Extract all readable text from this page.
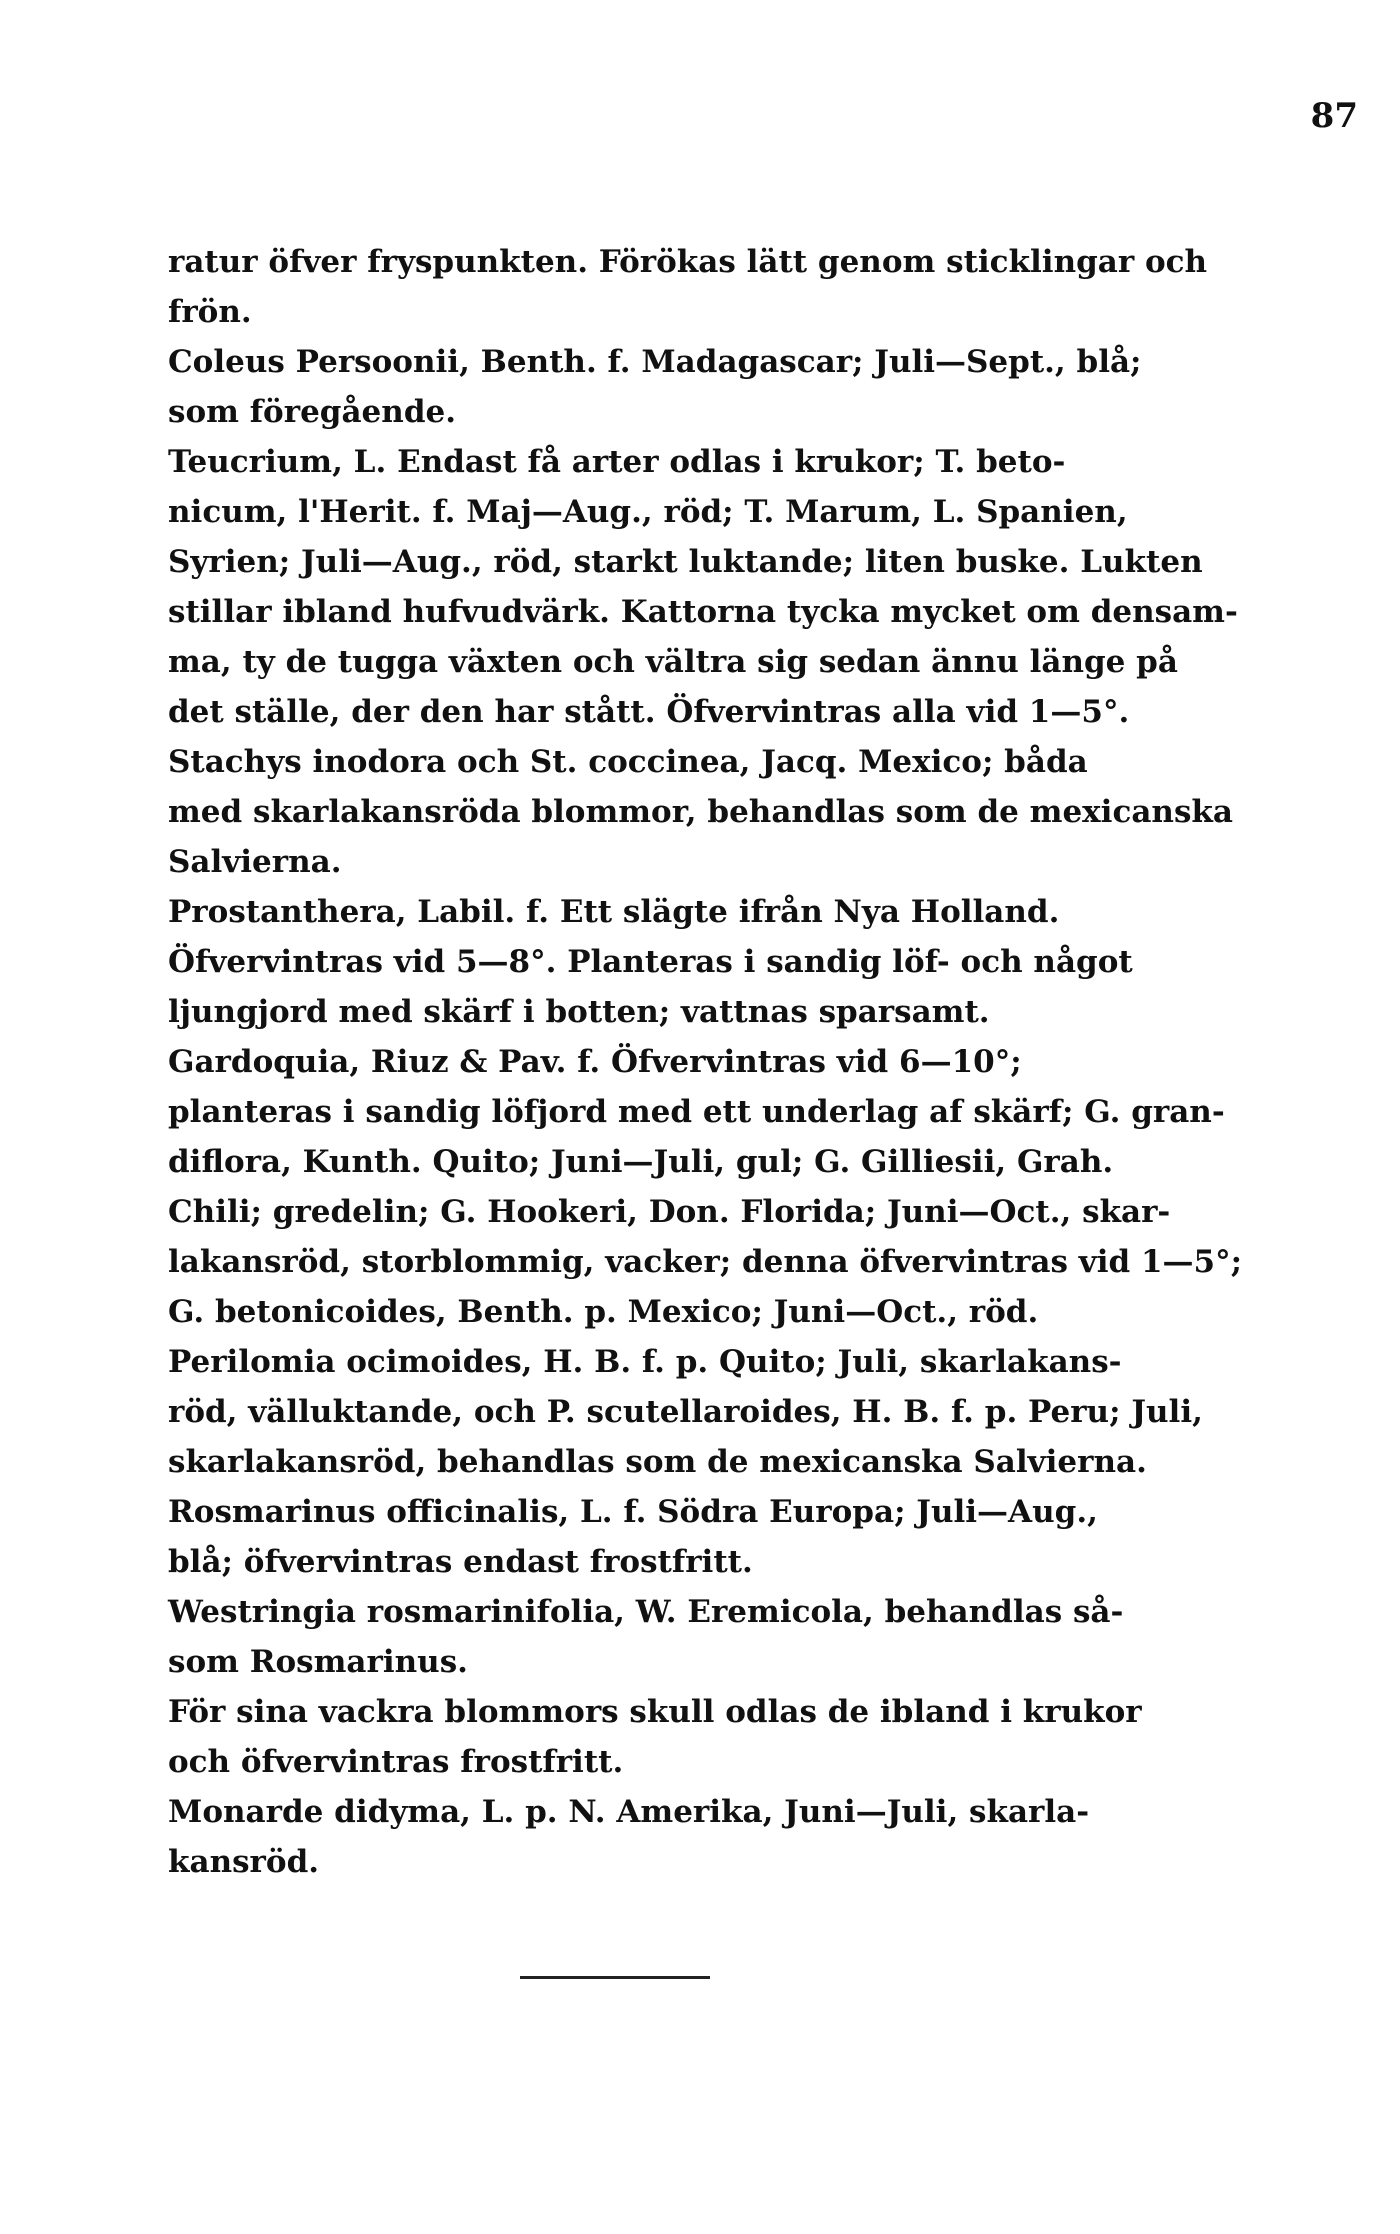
87
ratur öfver fryspunkten. Förökas lätt genom sticklingar och
frön.
Coleus Persoonii, Benth. f. Madagascar; Juli—Sept., blå;
som föregående.
Teucrium, L. Endast få arter odlas i krukor; T. beto-
nicum, l'Herit. f. Maj—Aug., röd; T. Marum, L. Spanien,
Syrien; Juli—Aug., röd, starkt luktande; liten buske. Lukten
stillar ibland hufvudvärk. Kattorna tycka mycket om densam-
ma, ty de tugga växten och vältra sig sedan ännu länge på
det ställe, der den har stått. Öfvervintras alla vid 1—5°.
Stachys inodora och St. coccinea, Jacq. Mexico; båda
med skarlakansröda blommor, behandlas som de mexicanska
Salvierna.
Prostanthera, Labil. f. Ett slägte ifrån Nya Holland.
Öfvervintras vid 5—8°. Planteras i sandig löf- och något
ljungjord med skärf i botten; vattnas sparsamt.
Gardoquia, Riuz & Pav. f. Öfvervintras vid 6—10°;
planteras i sandig löfjord med ett underlag af skärf; G. gran-
diflora, Kunth. Quito; Juni—Juli, gul; G. Gilliesii, Grah.
Chili; gredelin; G. Hookeri, Don. Florida; Juni—Oct., skar-
lakansröd, storblommig, vacker; denna öfvervintras vid 1—5°;
G. betonicoides, Benth. p. Mexico; Juni—Oct., röd.
Perilomia ocimoides, H. B. f. p. Quito; Juli, skarlakans-
röd, välluktande, och P. scutellaroides, H. B. f. p. Peru; Juli,
skarlakansröd, behandlas som de mexicanska Salvierna.
Rosmarinus officinalis, L. f. Södra Europa; Juli—Aug.,
blå; öfvervintras endast frostfritt.
Westringia rosmarinifolia, W. Eremicola, behandlas så-
som Rosmarinus.
För sina vackra blommors skull odlas de ibland i krukor
och öfvervintras frostfritt.
Monarde didyma, L. p. N. Amerika, Juni—Juli, skarla-
kansröd.
